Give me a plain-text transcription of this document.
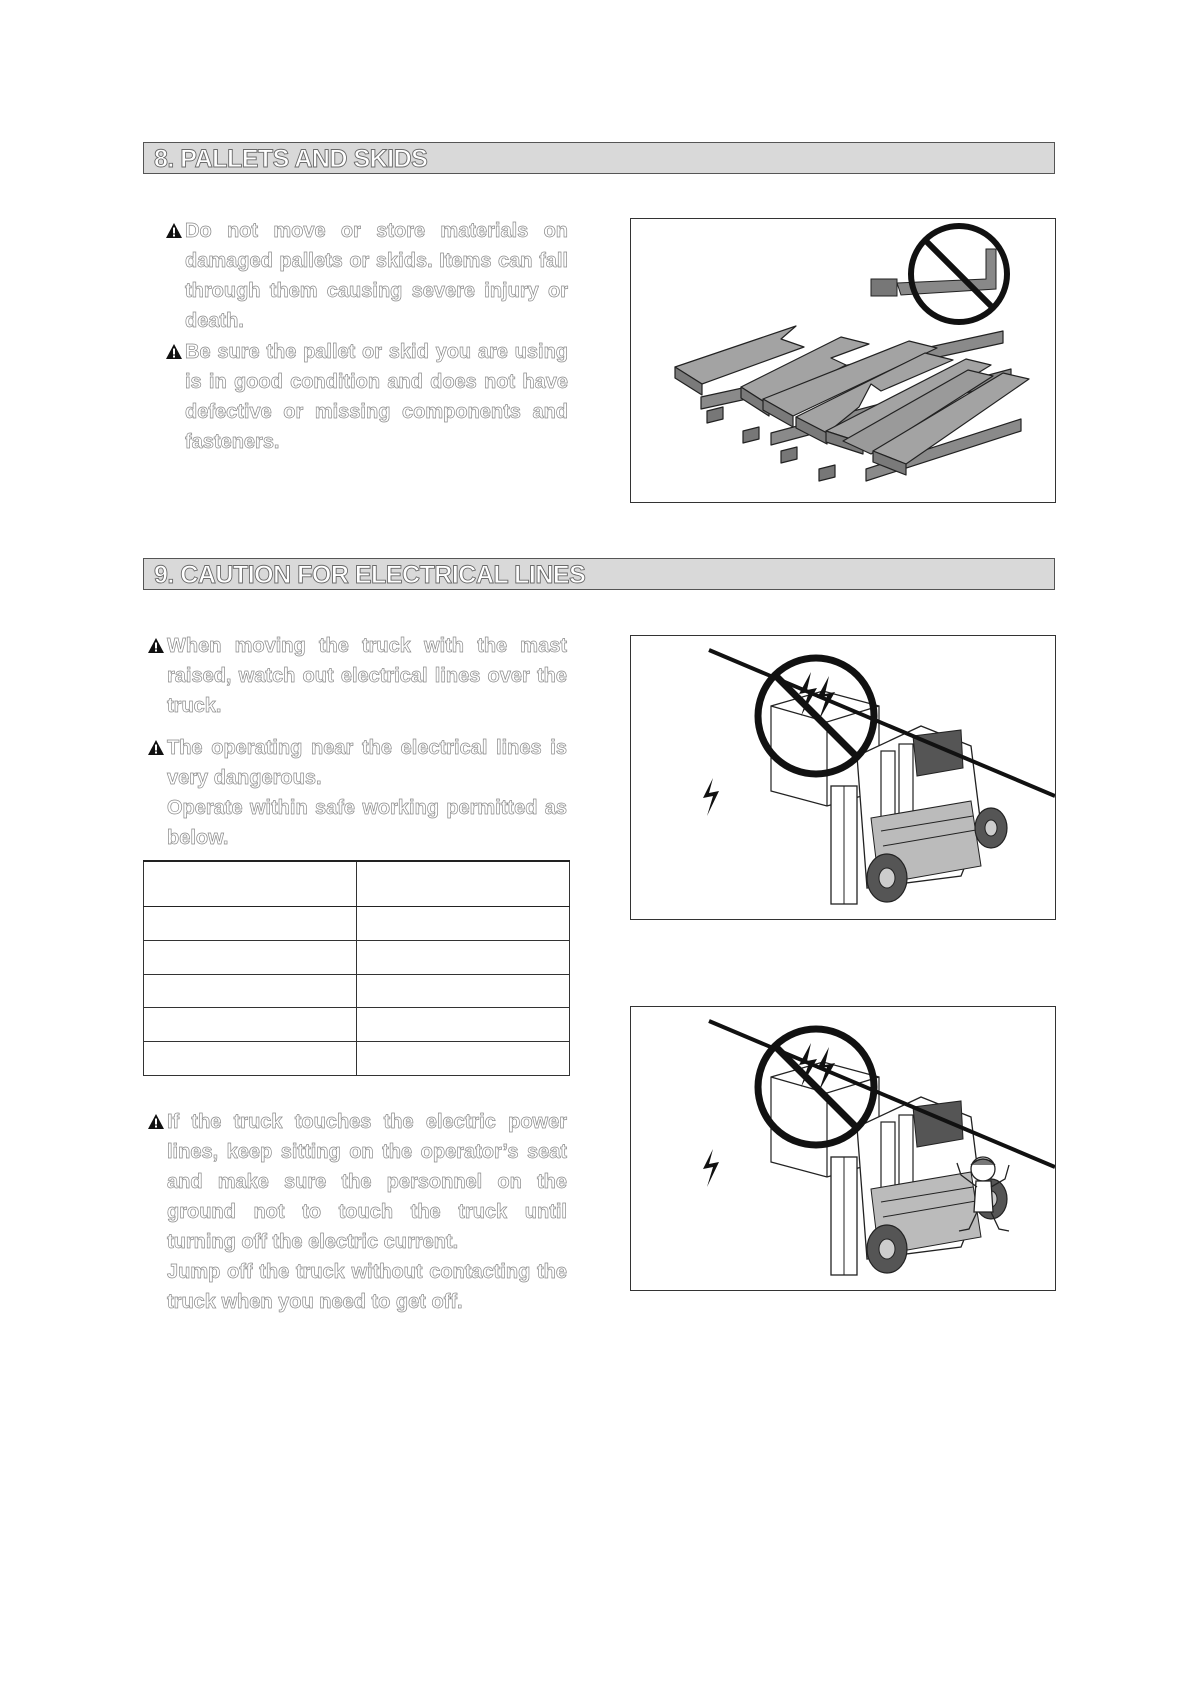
8. PALLETS AND SKIDS

Do not move or store materials on damaged pallets or skids. Items can fall through them causing severe injury or death.

Be sure the pallet or skid you are using is in good condition and does not have defective or missing components and fasteners.

9. CAUTION FOR ELECTRICAL LINES

When moving the truck with the mast raised, watch out electrical lines over the truck.

The operating near the electrical lines is very dangerous.

Operate within safe working permitted as below.

If the truck touches the electric power lines, keep sitting on the operator’s seat and make sure the personnel on the ground not to touch the truck until turning off the electric current.

Jump off the truck without contacting the truck when you need to get off.
